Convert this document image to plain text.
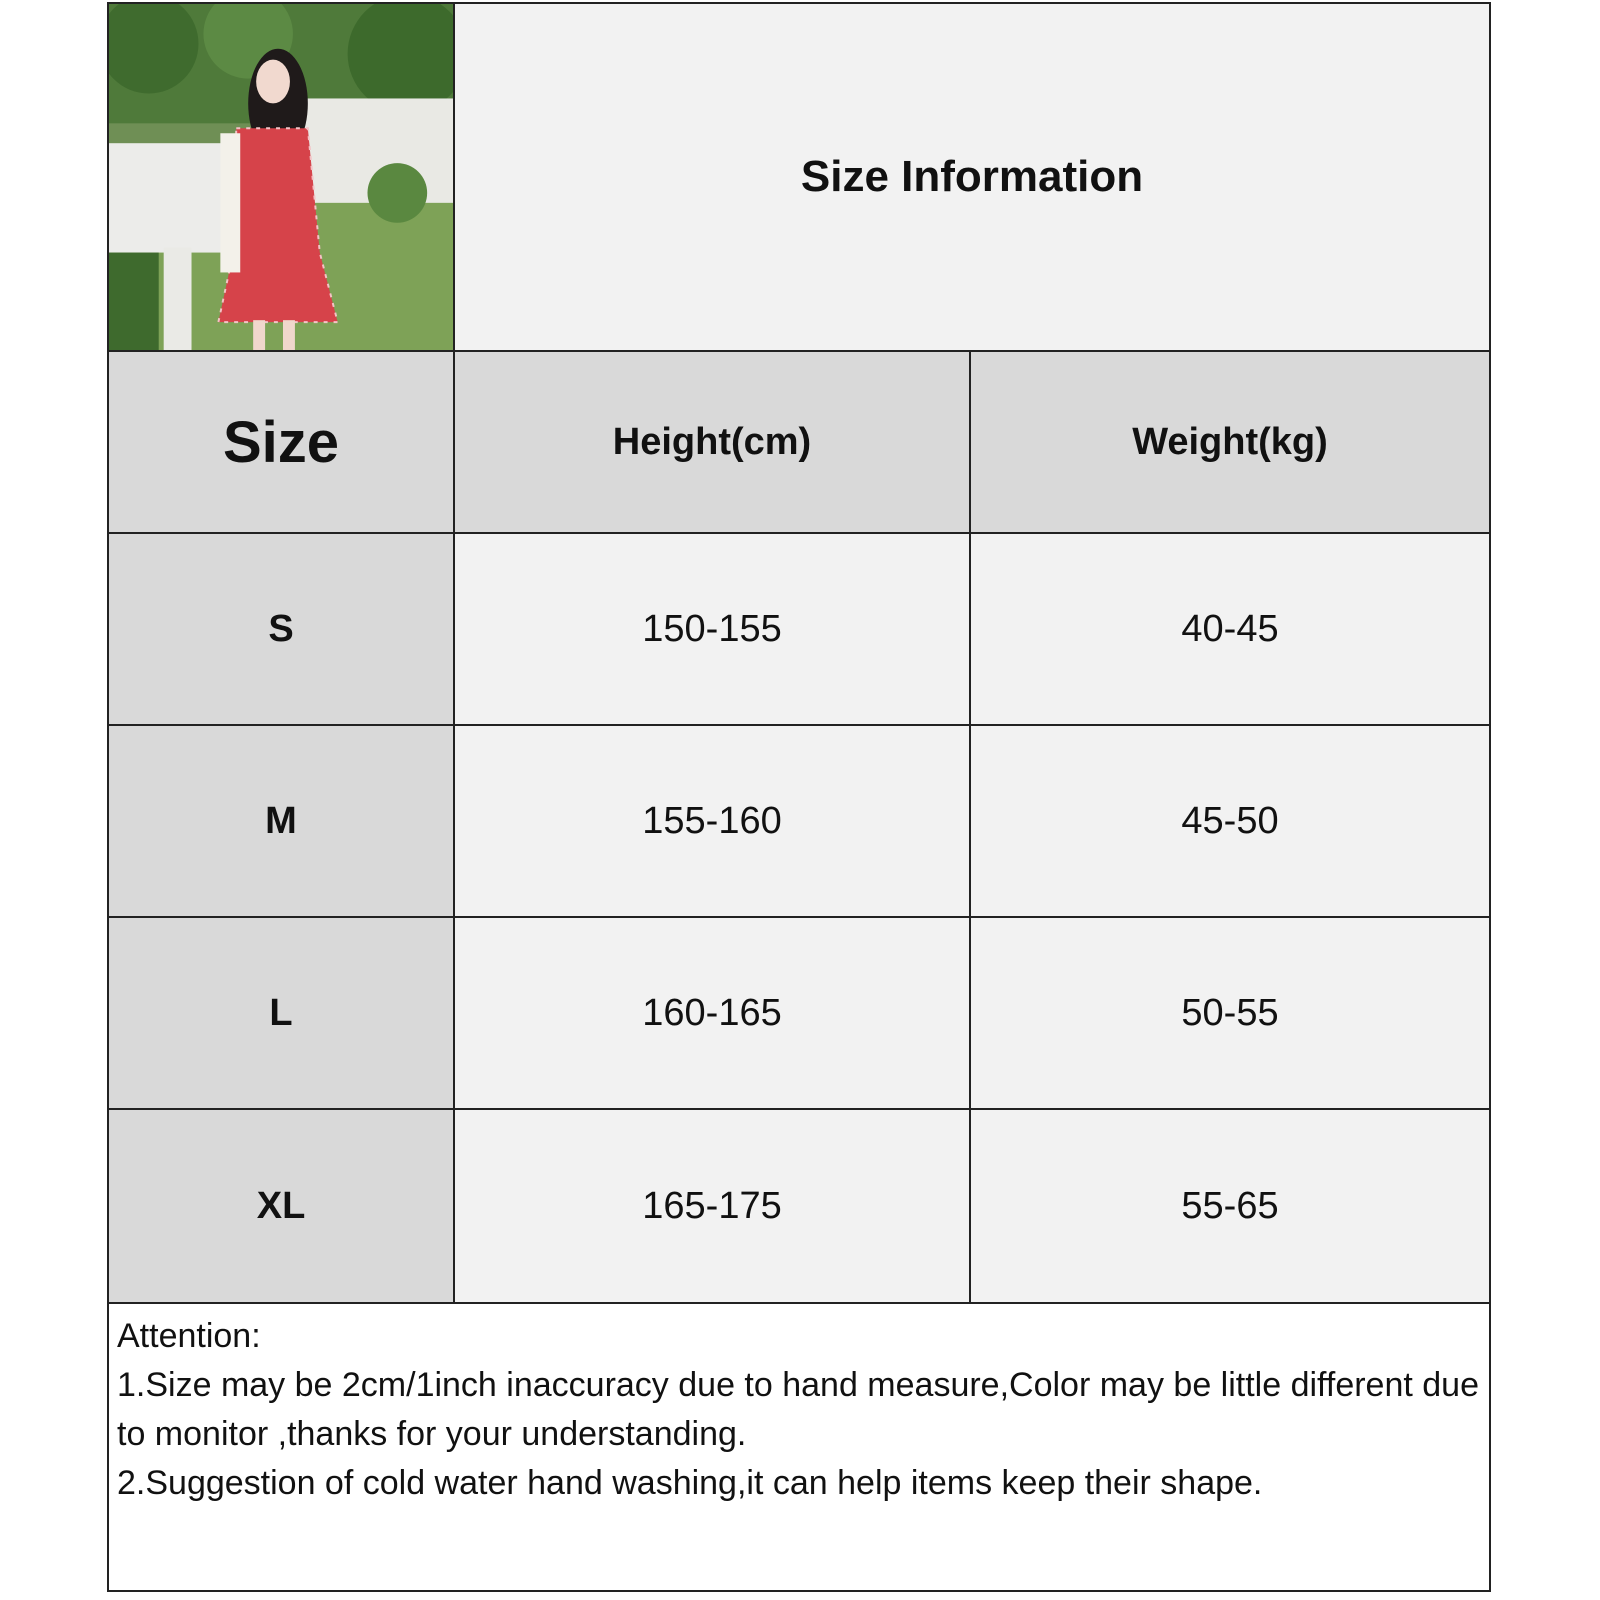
Size Information
Size	Height(cm)	Weight(kg)
S	150-155	40-45
M	155-160	45-50
L	160-165	50-55
XL	165-175	55-65

Attention:

1.Size may be 2cm/1inch inaccuracy due to hand measure,Color may be little different due to monitor ,thanks for your understanding.

2.Suggestion of cold water hand washing,it can help items keep their shape.
